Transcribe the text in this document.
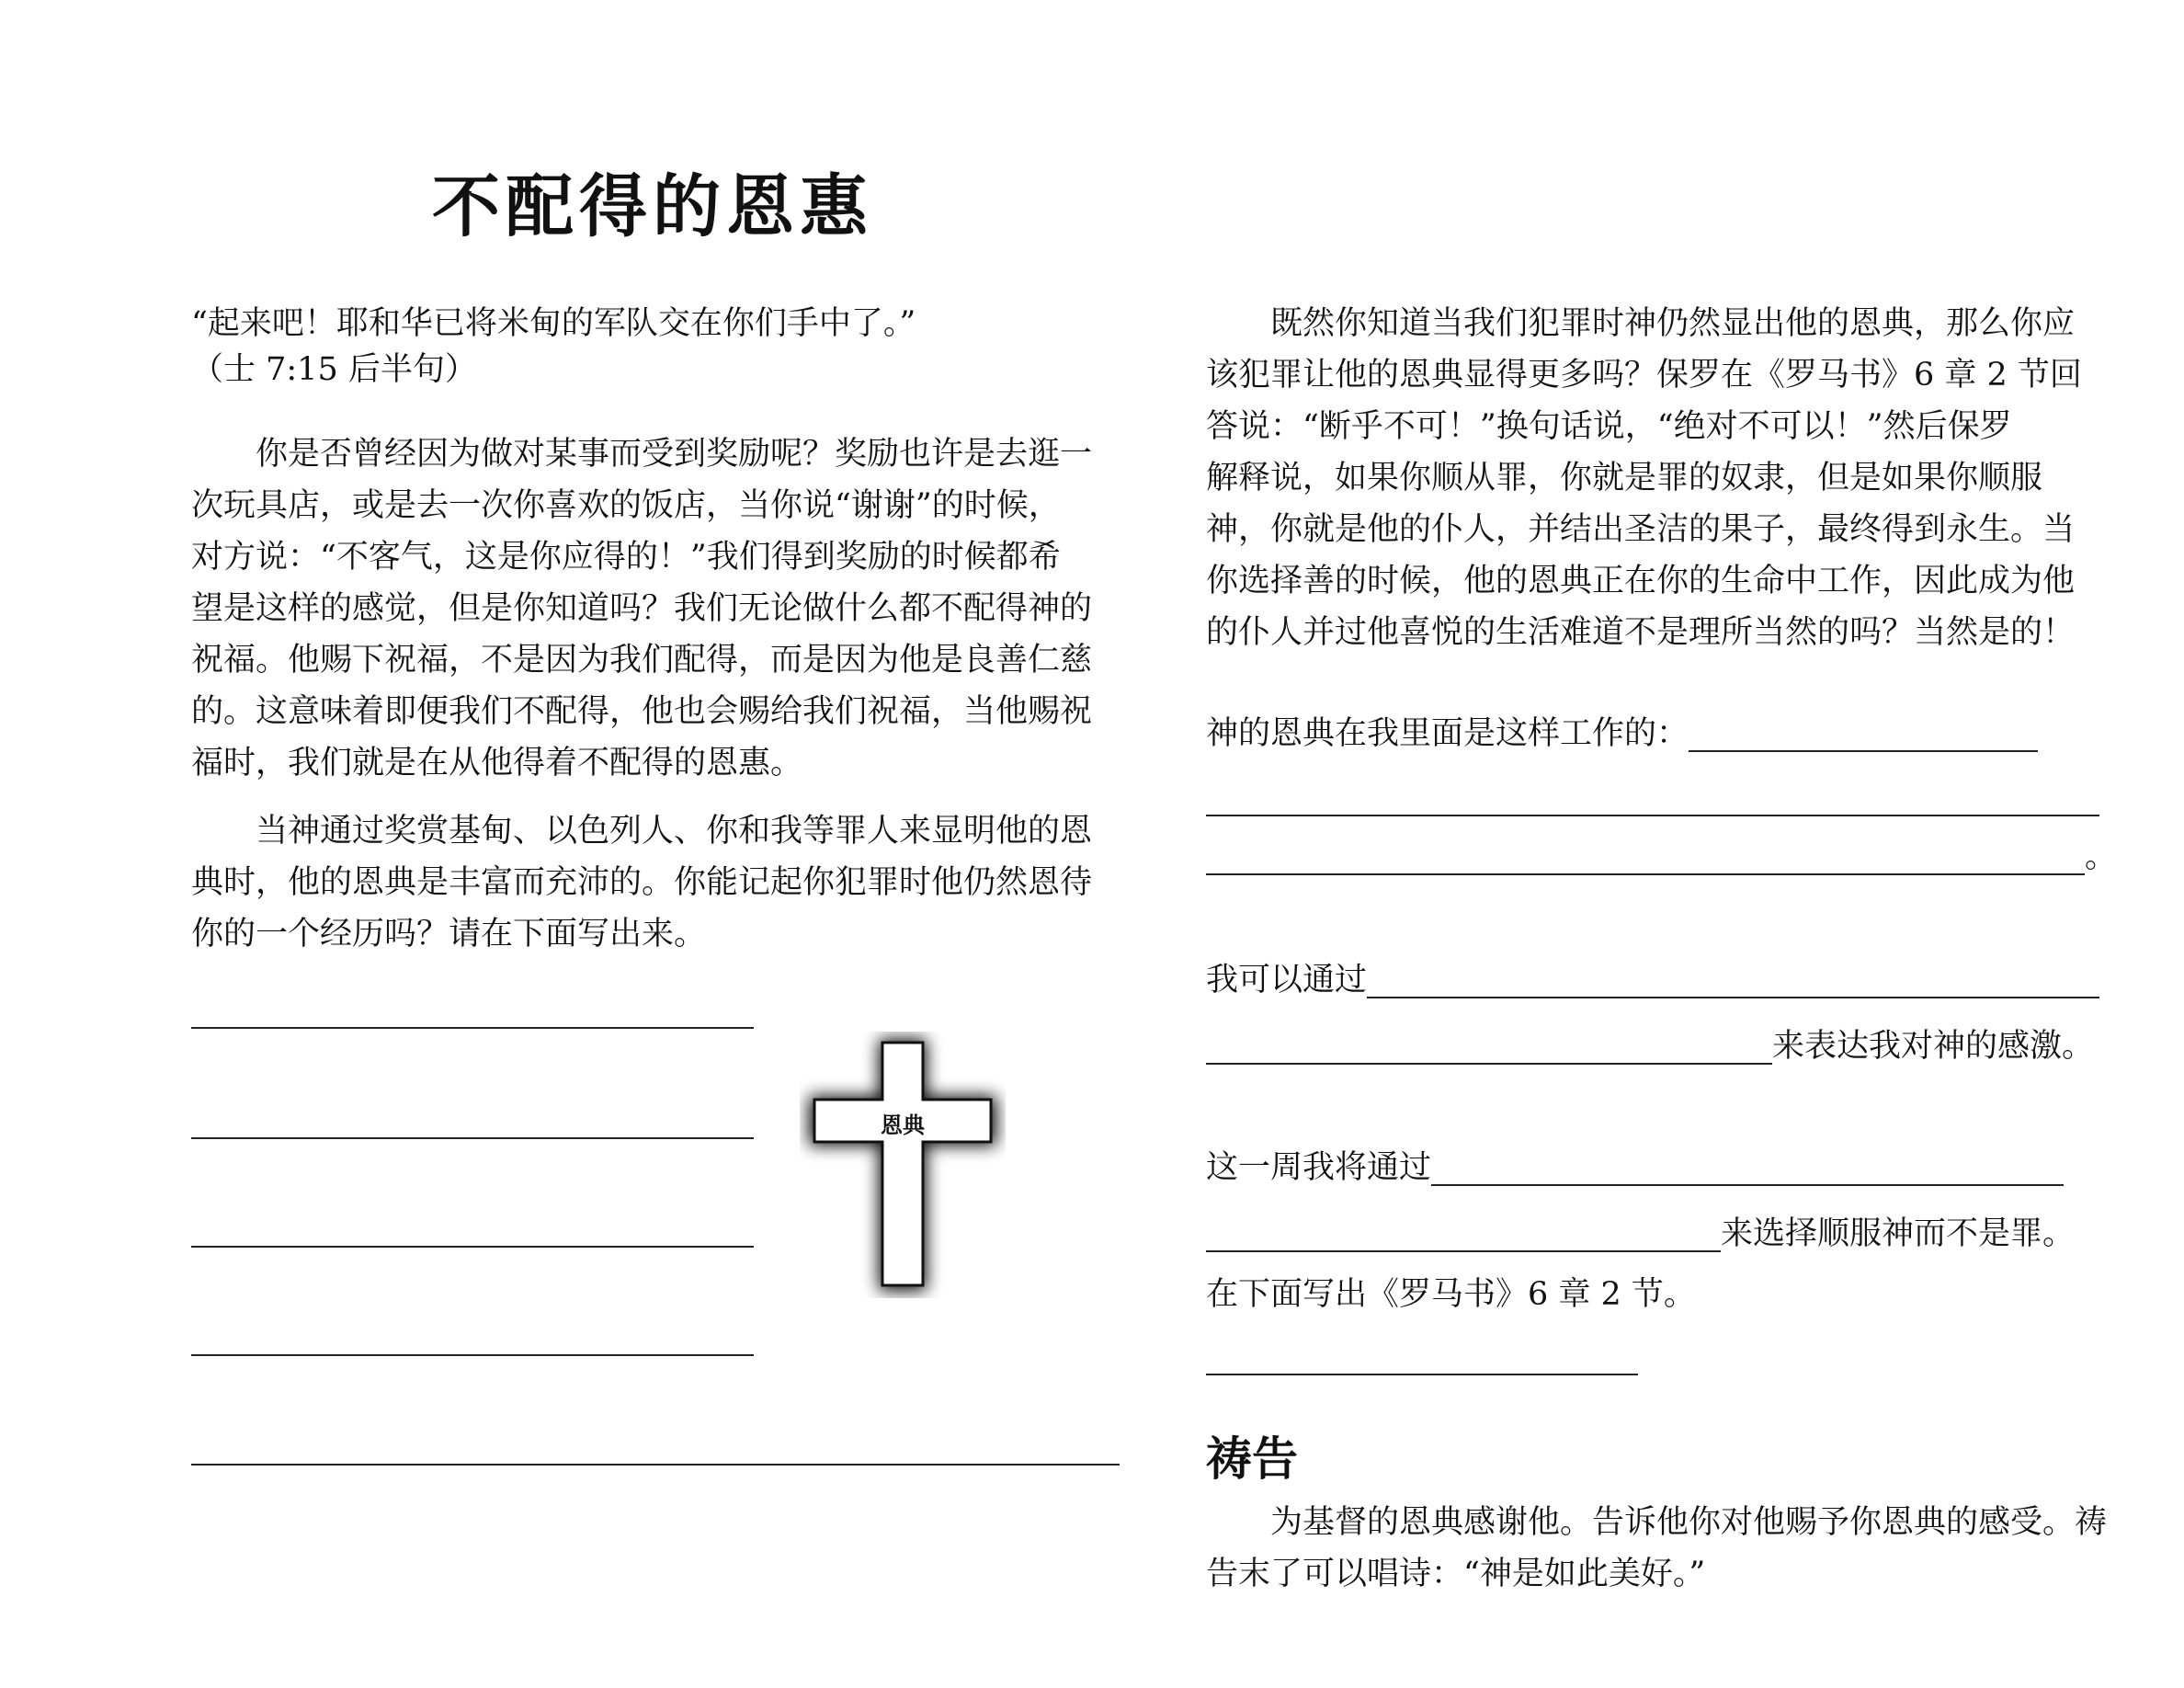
不配得的恩惠
“起来吧！耶和华已将米甸的军队交在你们手中了。”
（士 7:15 后半句）
　　你是否曾经因为做对某事而受到奖励呢？奖励也许是去逛一
次玩具店，或是去一次你喜欢的饭店，当你说“谢谢”的时候，
对方说：“不客气，这是你应得的！”我们得到奖励的时候都希
望是这样的感觉，但是你知道吗？我们无论做什么都不配得神的
祝福。他赐下祝福，不是因为我们配得，而是因为他是良善仁慈
的。这意味着即便我们不配得，他也会赐给我们祝福，当他赐祝
福时，我们就是在从他得着不配得的恩惠。
　　当神通过奖赏基甸、以色列人、你和我等罪人来显明他的恩
典时，他的恩典是丰富而充沛的。你能记起你犯罪时他仍然恩待
你的一个经历吗？请在下面写出来。
恩典
　　既然你知道当我们犯罪时神仍然显出他的恩典，那么你应
该犯罪让他的恩典显得更多吗？保罗在《罗马书》6 章 2 节回
答说：“断乎不可！”换句话说，“绝对不可以！”然后保罗
解释说，如果你顺从罪，你就是罪的奴隶，但是如果你顺服
神，你就是他的仆人，并结出圣洁的果子，最终得到永生。当
你选择善的时候，他的恩典正在你的生命中工作，因此成为他
的仆人并过他喜悦的生活难道不是理所当然的吗？当然是的！
神的恩典在我里面是这样工作的：
。
我可以通过
来表达我对神的感激。
这一周我将通过
来选择顺服神而不是罪。
在下面写出《罗马书》6 章 2 节。
祷告
　　为基督的恩典感谢他。告诉他你对他赐予你恩典的感受。祷
告末了可以唱诗：“神是如此美好。”
